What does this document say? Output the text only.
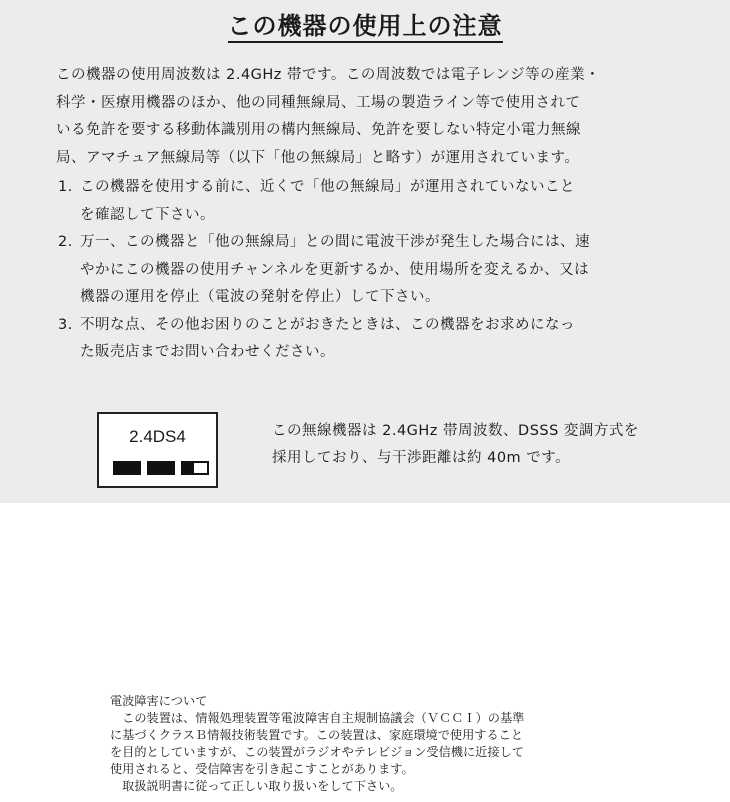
この機器の使用上の注意
この機器の使用周波数は 2.4GHz 帯です。この周波数では電子レンジ等の産業・
科学・医療用機器のほか、他の同種無線局、工場の製造ライン等で使用されて
いる免許を要する移動体識別用の構内無線局、免許を要しない特定小電力無線
局、アマチュア無線局等（以下「他の無線局」と略す）が運用されています。
1. この機器を使用する前に、近くで「他の無線局」が運用されていないこと
を確認して下さい。
2. 万一、この機器と「他の無線局」との間に電波干渉が発生した場合には、速
やかにこの機器の使用チャンネルを更新するか、使用場所を変えるか、又は
機器の運用を停止（電波の発射を停止）して下さい。
3. 不明な点、その他お困りのことがおきたときは、この機器をお求めになっ
た販売店までお問い合わせください。
2.4DS4	この無線機器は 2.4GHz 帯周波数、DSSS 変調方式を
採用しており、与干渉距離は約 40m です。
電波障害について
　この装置は、情報処理装置等電波障害自主規制協議会（ＶＣＣＩ）の基準
に基づくクラスＢ情報技術装置です。この装置は、家庭環境で使用すること
を目的としていますが、この装置がラジオやテレビジョン受信機に近接して
使用されると、受信障害を引き起こすことがあります。
　取扱説明書に従って正しい取り扱いをして下さい。
